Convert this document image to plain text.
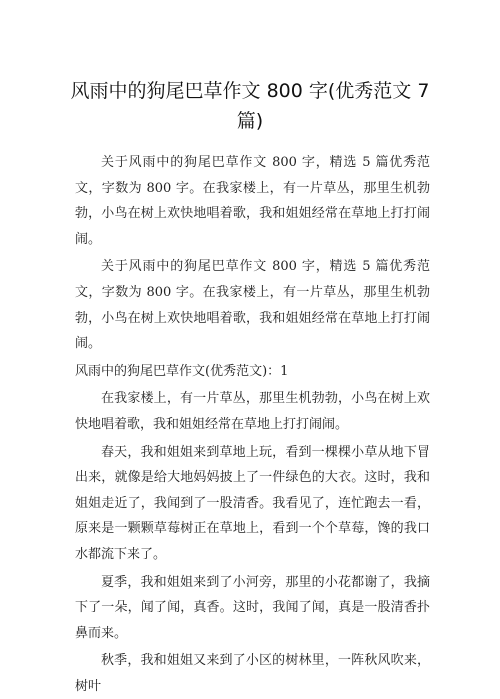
风雨中的狗尾巴草作文 800 字(优秀范文 7 篇)

关于风雨中的狗尾巴草作文 800 字，精选 5 篇优秀范文，字数为 800 字。在我家楼上，有一片草丛，那里生机勃勃，小鸟在树上欢快地唱着歌，我和姐姐经常在草地上打打闹闹。

关于风雨中的狗尾巴草作文 800 字，精选 5 篇优秀范文，字数为 800 字。在我家楼上，有一片草丛，那里生机勃勃，小鸟在树上欢快地唱着歌，我和姐姐经常在草地上打打闹闹。

风雨中的狗尾巴草作文(优秀范文)：1

在我家楼上，有一片草丛，那里生机勃勃，小鸟在树上欢快地唱着歌，我和姐姐经常在草地上打打闹闹。

春天，我和姐姐来到草地上玩，看到一棵棵小草从地下冒出来，就像是给大地妈妈披上了一件绿色的大衣。这时，我和姐姐走近了，我闻到了一股清香。我看见了，连忙跑去一看，原来是一颗颗草莓树正在草地上，看到一个个草莓，馋的我口水都流下来了。

夏季，我和姐姐来到了小河旁，那里的小花都谢了，我摘下了一朵，闻了闻，真香。这时，我闻了闻，真是一股清香扑鼻而来。

秋季，我和姐姐又来到了小区的树林里，一阵秋风吹来，树叶
